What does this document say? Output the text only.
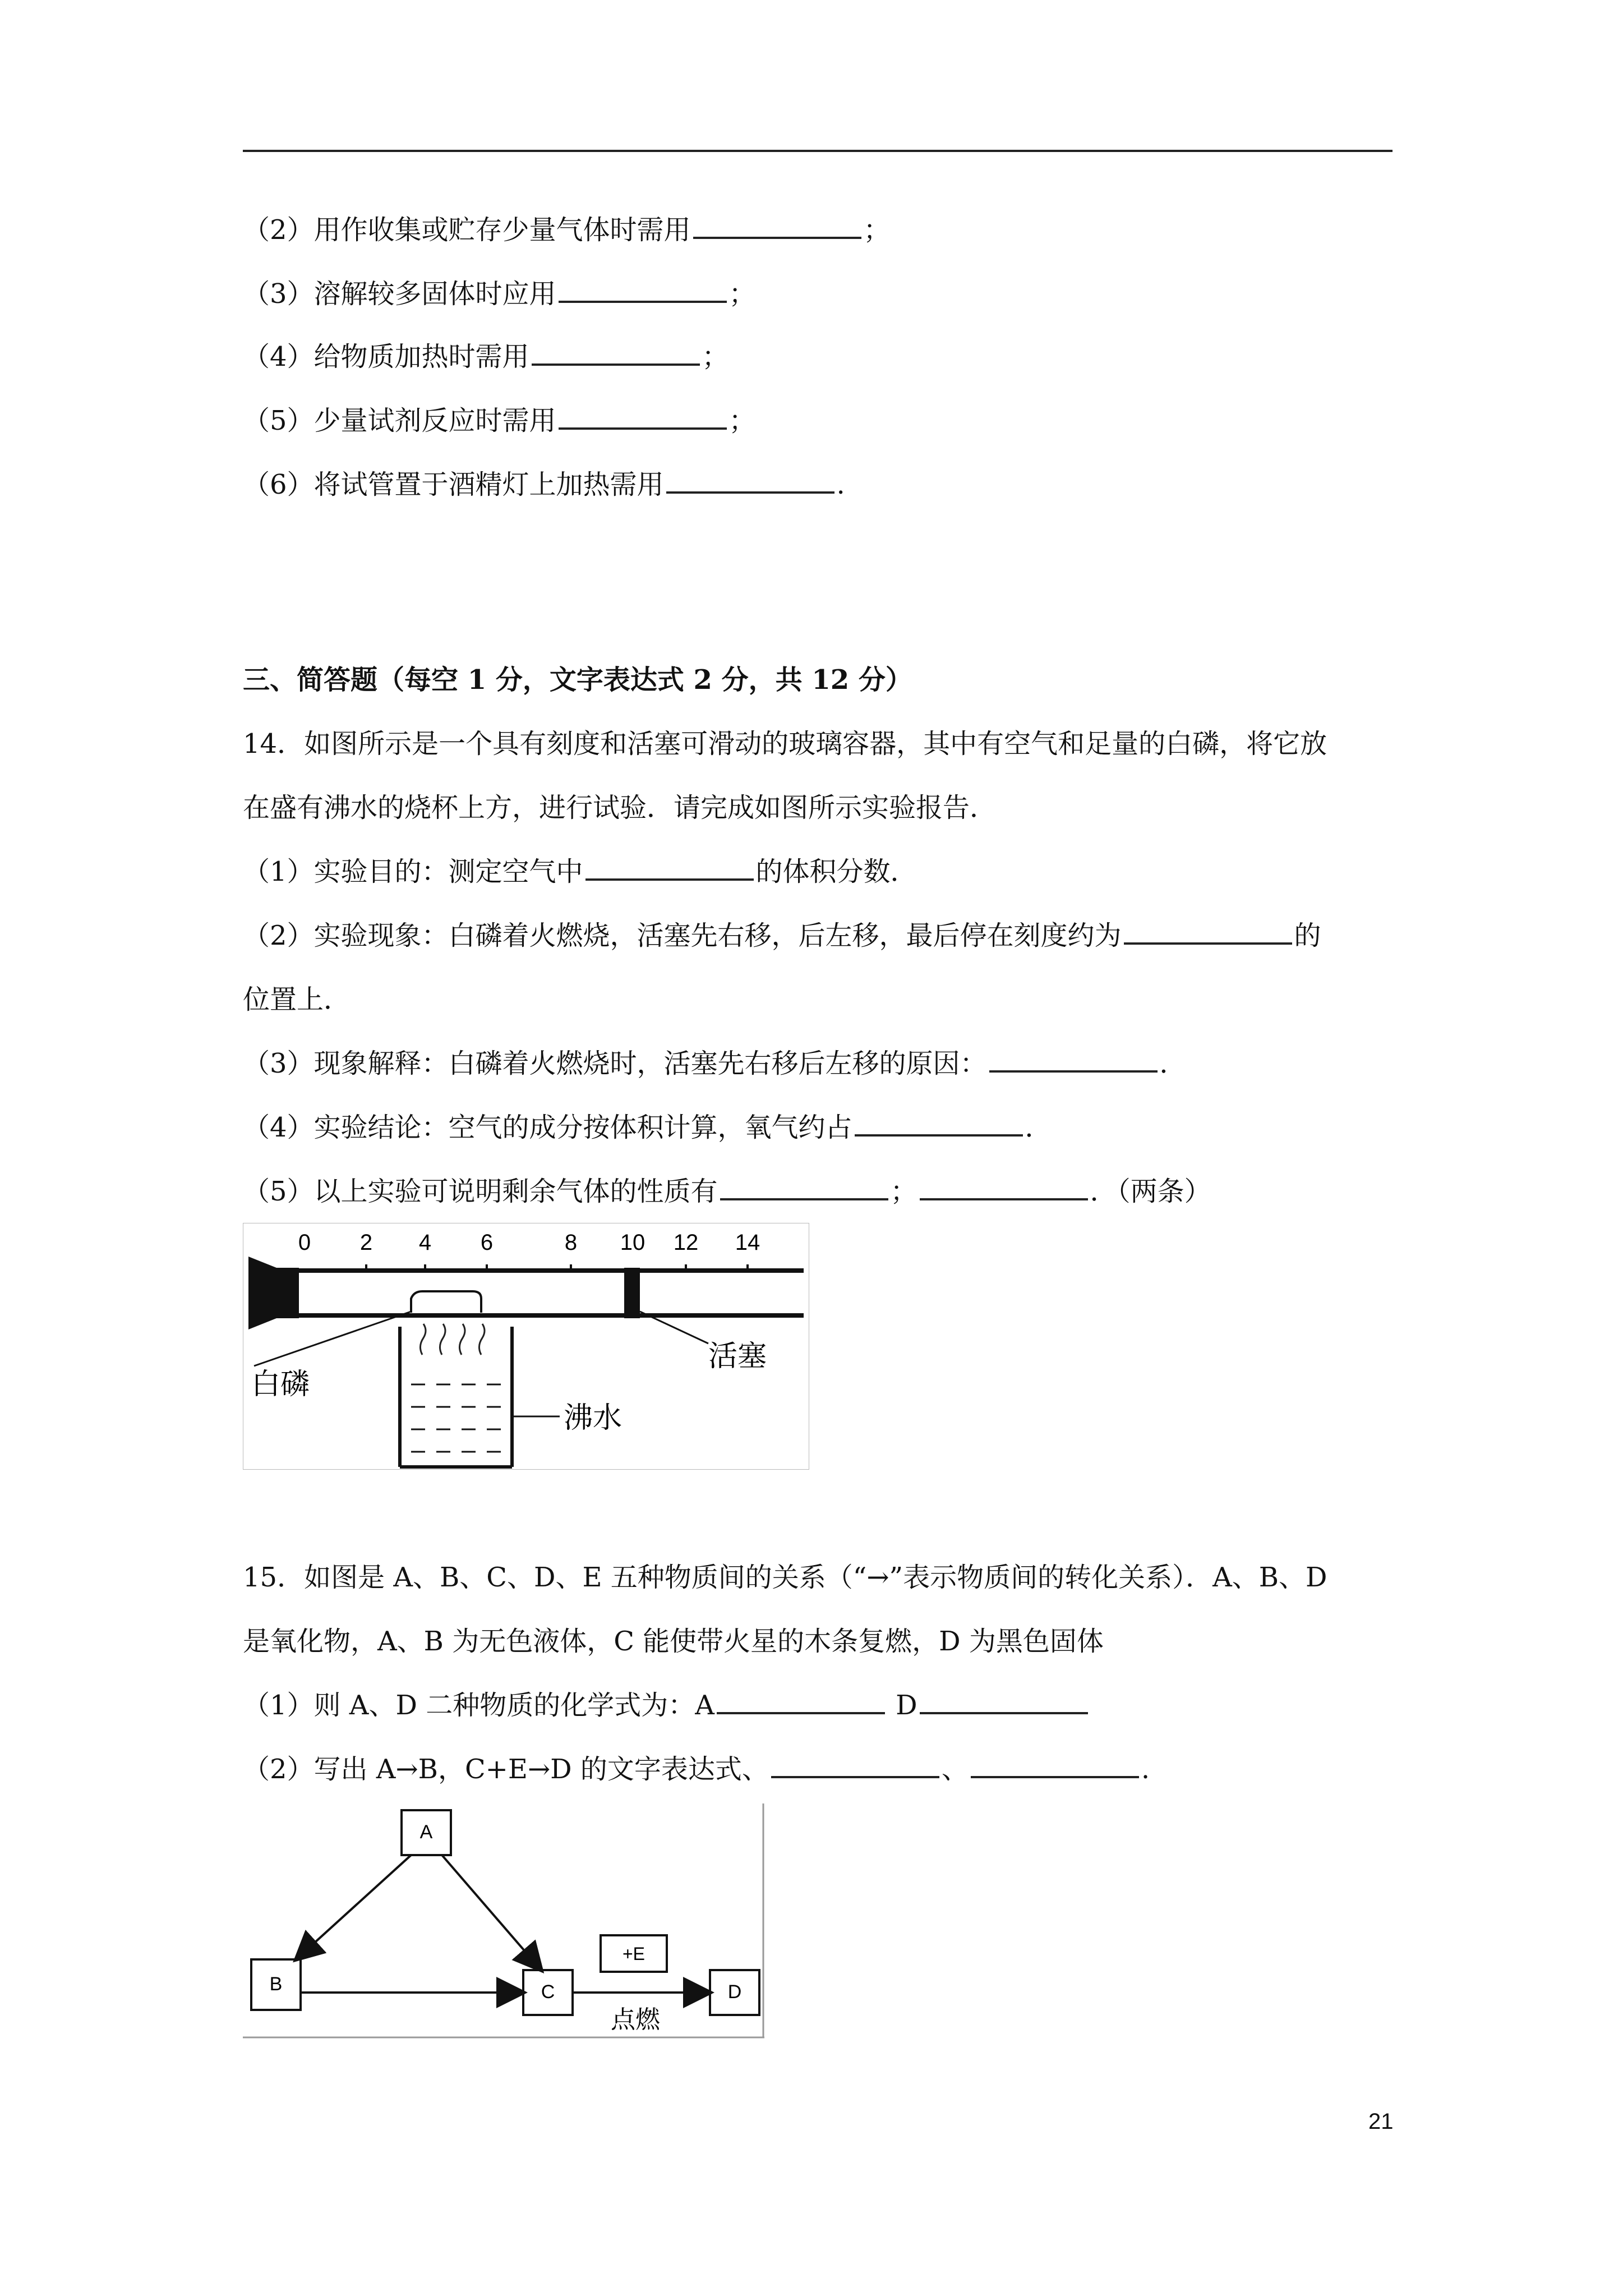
（2）用作收集或贮存少量气体时需用	；
（3）溶解较多固体时应用	；
（4）给物质加热时需用	；
（5）少量试剂反应时需用	；
（6）将试管置于酒精灯上加热需用	.
三、简答题（每空 1 分，文字表达式 2 分，共 12 分）
14．如图所示是一个具有刻度和活塞可滑动的玻璃容器，其中有空气和足量的白磷，将它放
在盛有沸水的烧杯上方，进行试验．请完成如图所示实验报告．
（1）实验目的：测定空气中	的体积分数．
（2）实验现象：白磷着火燃烧，活塞先右移，后左移，最后停在刻度约为	的
位置上．
（3）现象解释：白磷着火燃烧时，活塞先右移后左移的原因：	．
（4）实验结论：空气的成分按体积计算，氧气约占	．
（5）以上实验可说明剩余气体的性质有	；	．（两条）
0 2 4 6	8 10 12 14
白磷
活塞
沸水
15．如图是 A、B、C、D、E 五种物质间的关系（“→”表示物质间的转化关系）．A、B、D
是氧化物，A、B 为无色液体，C 能使带火星的木条复燃，D 为黑色固体
（1）则 A、D 二种物质的化学式为：A	D
（2）写出 A→B，C+E→D 的文字表达式、	、	.
A
B	C	D
+E
点燃
21
